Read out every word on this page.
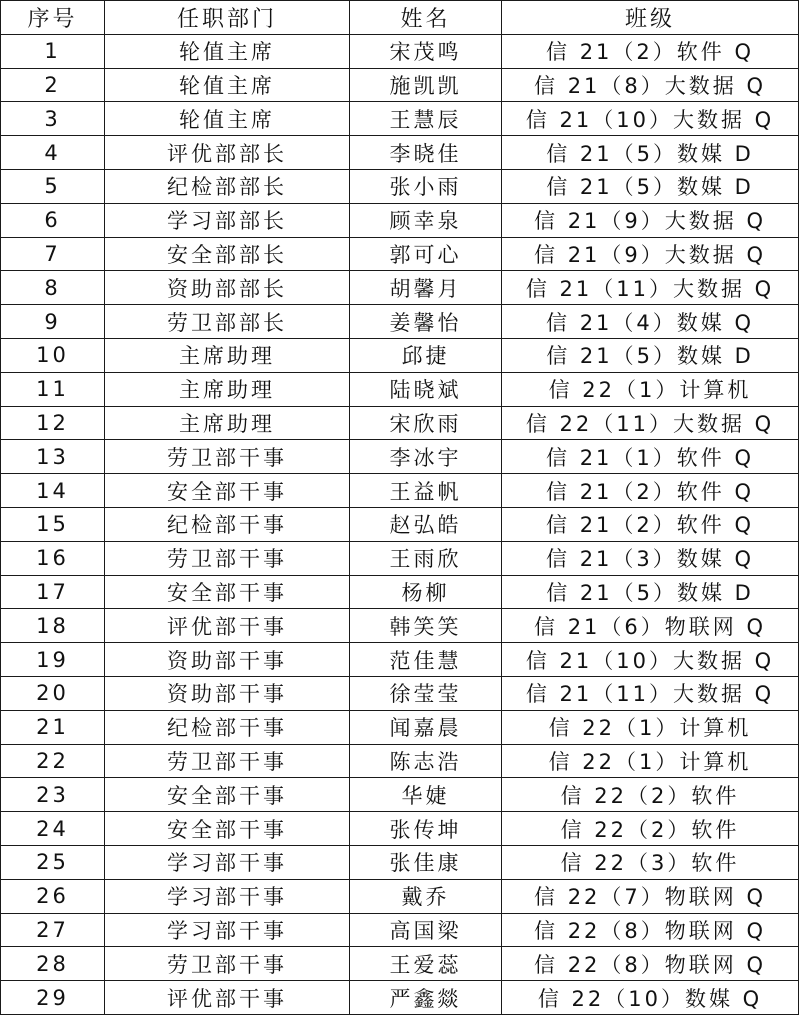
序号	任职部门	姓名	班级
1	轮值主席	宋茂鸣	信 21（2）软件 Q
2	轮值主席	施凯凯	信 21（8）大数据 Q
3	轮值主席	王慧辰	信 21（10）大数据 Q
4	评优部部长	李晓佳	信 21（5）数媒 D
5	纪检部部长	张小雨	信 21（5）数媒 D
6	学习部部长	顾幸泉	信 21（9）大数据 Q
7	安全部部长	郭可心	信 21（9）大数据 Q
8	资助部部长	胡馨月	信 21（11）大数据 Q
9	劳卫部部长	姜馨怡	信 21（4）数媒 Q
10	主席助理	邱捷	信 21（5）数媒 D
11	主席助理	陆晓斌	信 22（1）计算机
12	主席助理	宋欣雨	信 22（11）大数据 Q
13	劳卫部干事	李冰宇	信 21（1）软件 Q
14	安全部干事	王益帆	信 21（2）软件 Q
15	纪检部干事	赵弘皓	信 21（2）软件 Q
16	劳卫部干事	王雨欣	信 21（3）数媒 Q
17	安全部干事	杨柳	信 21（5）数媒 D
18	评优部干事	韩笑笑	信 21（6）物联网 Q
19	资助部干事	范佳慧	信 21（10）大数据 Q
20	资助部干事	徐莹莹	信 21（11）大数据 Q
21	纪检部干事	闻嘉晨	信 22（1）计算机
22	劳卫部干事	陈志浩	信 22（1）计算机
23	安全部干事	华婕	信 22（2）软件
24	安全部干事	张传坤	信 22（2）软件
25	学习部干事	张佳康	信 22（3）软件
26	学习部干事	戴乔	信 22（7）物联网 Q
27	学习部干事	高国梁	信 22（8）物联网 Q
28	劳卫部干事	王爱蕊	信 22（8）物联网 Q
29	评优部干事	严鑫燚	信 22（10）数媒 Q
